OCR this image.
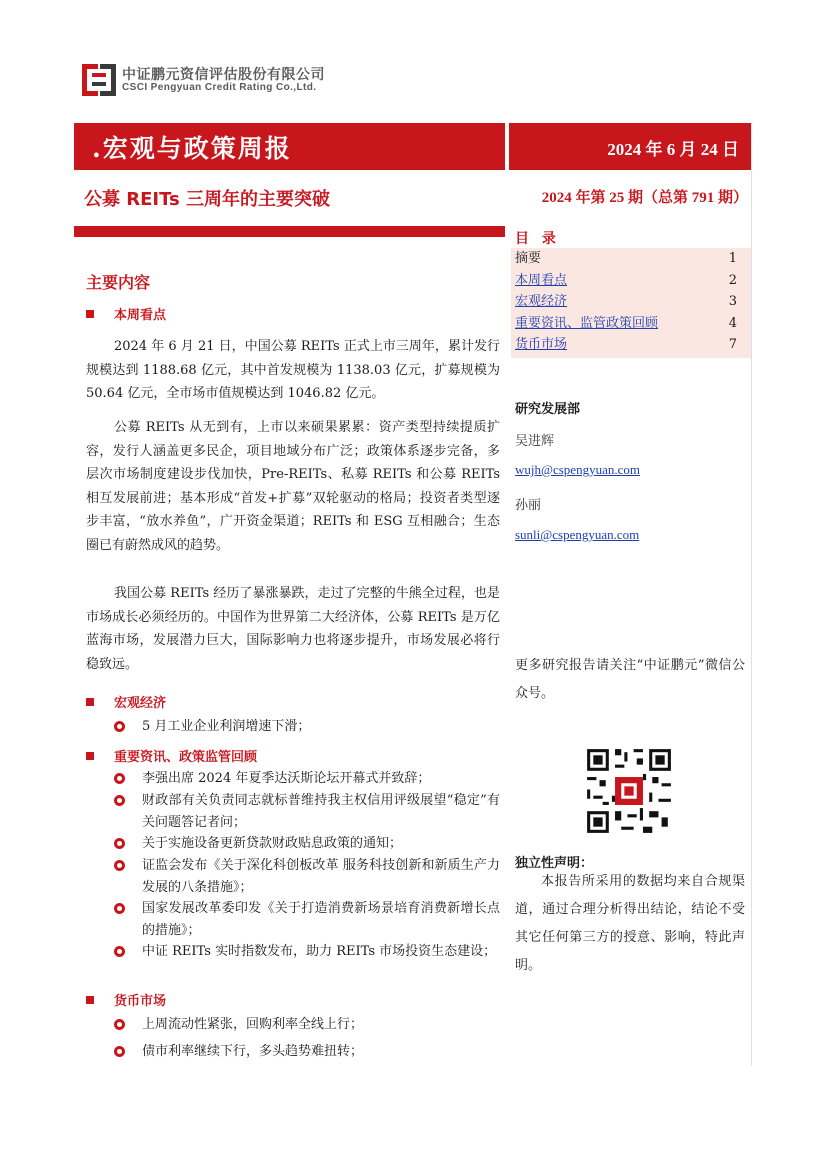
中证鹏元资信评估股份有限公司
CSCI Pengyuan Credit Rating Co.,Ltd.
.宏观与政策周报	2024 年 6 月 24 日
公募 REITs 三周年的主要突破	2024 年第 25 期（总第 791 期）
主要内容
本周看点
2024 年 6 月 21 日，中国公募 REITs 正式上市三周年，累计发行规模达到 1188.68 亿元，其中首发规模为 1138.03 亿元，扩募规模为 50.64 亿元，全市场市值规模达到 1046.82 亿元。
公募 REITs 从无到有，上市以来硕果累累：资产类型持续提质扩容，发行人涵盖更多民企，项目地域分布广泛；政策体系逐步完备，多层次市场制度建设步伐加快，Pre-REITs、私募 REITs 和公募 REITs 相互发展前进；基本形成“首发+扩募”双轮驱动的格局；投资者类型逐步丰富，“放水养鱼”，广开资金渠道；REITs 和 ESG 互相融合；生态圈已有蔚然成风的趋势。
我国公募 REITs 经历了暴涨暴跌，走过了完整的牛熊全过程，也是市场成长必须经历的。中国作为世界第二大经济体，公募 REITs 是万亿蓝海市场，发展潜力巨大，国际影响力也将逐步提升，市场发展必将行稳致远。
宏观经济
5 月工业企业利润增速下滑；
重要资讯、政策监管回顾
李强出席 2024 年夏季达沃斯论坛开幕式并致辞；
财政部有关负责同志就标普维持我主权信用评级展望“稳定”有关问题答记者问；
关于实施设备更新贷款财政贴息政策的通知；
证监会发布《关于深化科创板改革 服务科技创新和新质生产力发展的八条措施》；
国家发展改革委印发《关于打造消费新场景培育消费新增长点的措施》；
中证 REITs 实时指数发布，助力 REITs 市场投资生态建设；
货币市场
上周流动性紧张，回购利率全线上行；
债市利率继续下行，多头趋势难扭转；
目 录
摘要	1
本周看点	2
宏观经济	3
重要资讯、监管政策回顾	4
货币市场	7
研究发展部
吴进辉
wujh@cspengyuan.com
孙丽
sunli@cspengyuan.com
更多研究报告请关注“中证鹏元”微信公众号。
独立性声明：
本报告所采用的数据均来自合规渠道，通过合理分析得出结论，结论不受其它任何第三方的授意、影响，特此声明。
